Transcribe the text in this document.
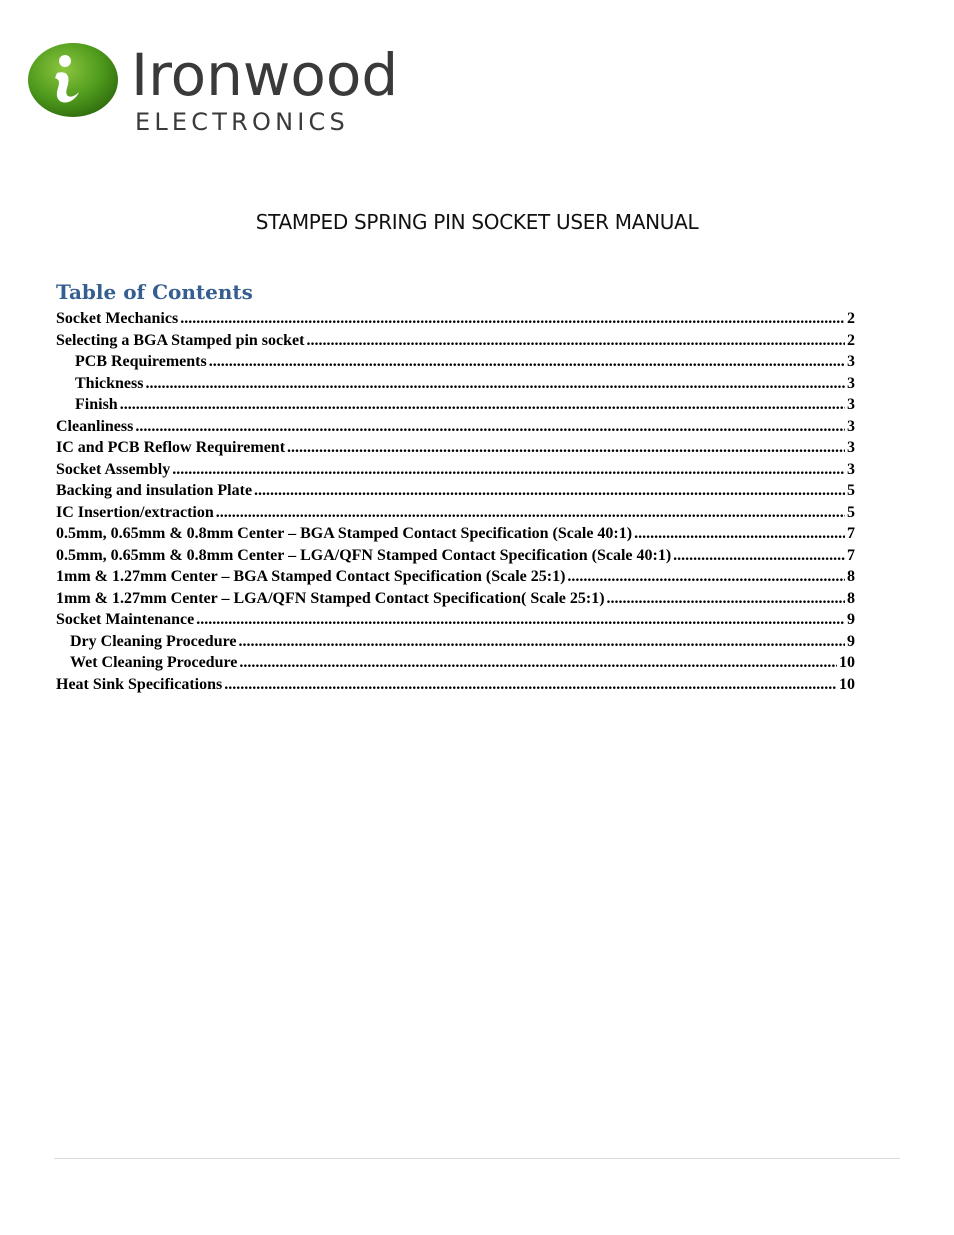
Ironwood
ELECTRONICS
STAMPED SPRING PIN SOCKET USER MANUAL
Table of Contents
Socket Mechanics .....	2
Selecting a BGA Stamped pin socket .....	2
PCB Requirements .....	3
Thickness .....	3
Finish .....	3
Cleanliness .....	3
IC and PCB Reflow Requirement .....	3
Socket Assembly .....	3
Backing and insulation Plate .....	5
IC Insertion/extraction .....	5
0.5mm, 0.65mm & 0.8mm Center – BGA Stamped Contact Specification (Scale 40:1) .....	7
0.5mm, 0.65mm & 0.8mm Center – LGA/QFN Stamped Contact Specification (Scale 40:1) .....	7
1mm & 1.27mm Center – BGA Stamped Contact Specification (Scale 25:1) .....	8
1mm & 1.27mm Center – LGA/QFN Stamped Contact Specification( Scale 25:1) .....	8
Socket Maintenance .....	9
Dry Cleaning Procedure .....	9
Wet Cleaning Procedure .....	10
Heat Sink Specifications .....	10
